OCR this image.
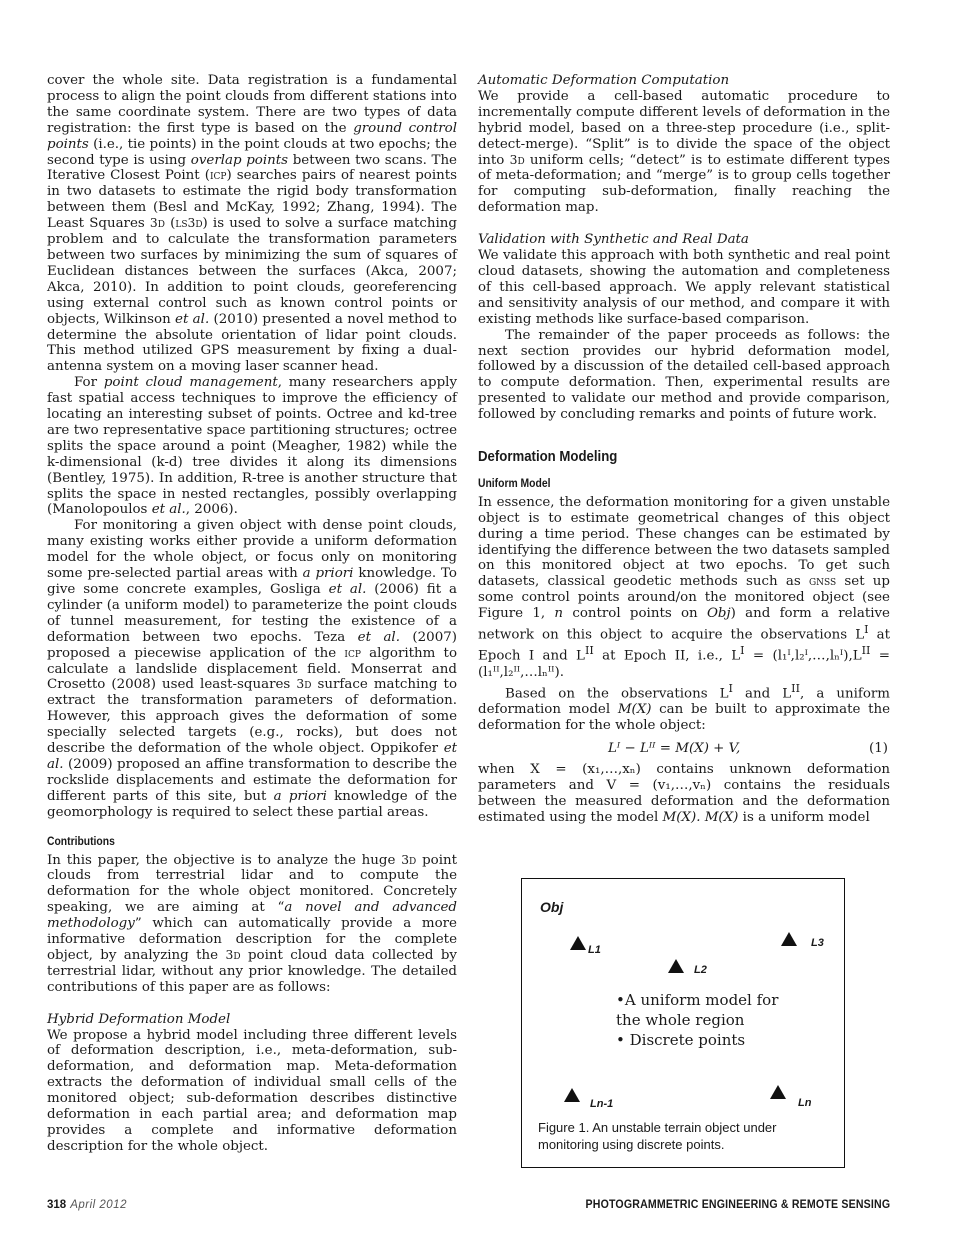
cover the whole site. Data registration is a fundamental process to align the point clouds from different stations into the same coordinate system. There are two types of data registration: the first type is based on the ground control points (i.e., tie points) in the point clouds at two epochs; the second type is using overlap points between two scans. The Iterative Closest Point (icp) searches pairs of nearest points in two datasets to estimate the rigid body transformation between them (Besl and McKay, 1992; Zhang, 1994). The Least Squares 3d (ls3d) is used to solve a surface matching problem and to calculate the transformation parameters between two surfaces by minimizing the sum of squares of Euclidean distances between the surfaces (Akca, 2007; Akca, 2010). In addition to point clouds, georeferencing using external control such as known control points or objects, Wilkinson et al. (2010) presented a novel method to determine the absolute orientation of lidar point clouds. This method utilized GPS measurement by fixing a dual-antenna system on a moving laser scanner head.

For point cloud management, many researchers apply fast spatial access techniques to improve the efficiency of locating an interesting subset of points. Octree and kd-tree are two representative space partitioning structures; octree splits the space around a point (Meagher, 1982) while the k-dimensional (k-d) tree divides it along its dimensions (Bentley, 1975). In addition, R-tree is another structure that splits the space in nested rectangles, possibly overlapping (Manolopoulos et al., 2006).

For monitoring a given object with dense point clouds, many existing works either provide a uniform deformation model for the whole object, or focus only on monitoring some pre-selected partial areas with a priori knowledge. To give some concrete examples, Gosliga et al. (2006) fit a cylinder (a uniform model) to parameterize the point clouds of tunnel measurement, for testing the existence of a deformation between two epochs. Teza et al. (2007) proposed a piecewise application of the icp algorithm to calculate a landslide displacement field. Monserrat and Crosetto (2008) used least-squares 3d surface matching to extract the transformation parameters of deformation. However, this approach gives the deformation of some specially selected targets (e.g., rocks), but does not describe the deformation of the whole object. Oppikofer et al. (2009) proposed an affine transformation to describe the rockslide displacements and estimate the deformation for different parts of this site, but a priori knowledge of the geomorphology is required to select these partial areas.

Contributions

In this paper, the objective is to analyze the huge 3d point clouds from terrestrial lidar and to compute the deformation for the whole object monitored. Concretely speaking, we are aiming at “a novel and advanced methodology” which can automatically provide a more informative deformation description for the complete object, by analyzing the 3d point cloud data collected by terrestrial lidar, without any prior knowledge. The detailed contributions of this paper are as follows:

Hybrid Deformation Model

We propose a hybrid model including three different levels of deformation description, i.e., meta-deformation, sub-deformation, and deformation map. Meta-deformation extracts the deformation of individual small cells of the monitored object; sub-deformation describes distinctive deformation in each partial area; and deformation map provides a complete and informative deformation description for the whole object.

Automatic Deformation Computation

We provide a cell-based automatic procedure to incrementally compute different levels of deformation in the hybrid model, based on a three-step procedure (i.e., split-detect-merge). “Split” is to divide the space of the object into 3d uniform cells; “detect” is to estimate different types of meta-deformation; and “merge” is to group cells together for computing sub-deformation, finally reaching the deformation map.

Validation with Synthetic and Real Data

We validate this approach with both synthetic and real point cloud datasets, showing the automation and completeness of this cell-based approach. We apply relevant statistical and sensitivity analysis of our method, and compare it with existing methods like surface-based comparison.

The remainder of the paper proceeds as follows: the next section provides our hybrid deformation model, followed by a discussion of the detailed cell-based approach to compute deformation. Then, experimental results are presented to validate our method and provide comparison, followed by concluding remarks and points of future work.

Deformation Modeling
Uniform Model

In essence, the deformation monitoring for a given unstable object is to estimate geometrical changes of this object during a time period. These changes can be estimated by identifying the difference between the two datasets sampled on this monitored object at two epochs. To get such datasets, classical geodetic methods such as gnss set up some control points around/on the monitored object (see Figure 1, n control points on Obj) and form a relative network on this object to acquire the observations $L^I$ at Epoch I and $L^{II}$ at Epoch II, i.e., $L^I$ = $(l_1ᴵ,l_2ᴵ,\dots,l_nᴵ),L^{II}$ = (l₁ᴵᴵ,l₂ᴵᴵ,…lₙᴵᴵ).

Based on the observations $L^I$ and $L^{II}$, a uniform deformation model M(X) can be built to approximate the deformation for the whole object:

Lᴵ − Lᴵᴵ = M(X) + V,	(1)

when X = (x₁,…,xₙ) contains unknown deformation parameters and V = (v₁,…,vₙ) contains the residuals between the measured deformation and the deformation estimated using the model M(X). M(X) is a uniform model

Obj
L1
L2
L3
•A uniform model for
the whole region
• Discrete points
Ln-1	Ln
Figure 1. An unstable terrain object under monitoring using discrete points.
318 April 2012	PHOTOGRAMMETRIC ENGINEERING & REMOTE SENSING
